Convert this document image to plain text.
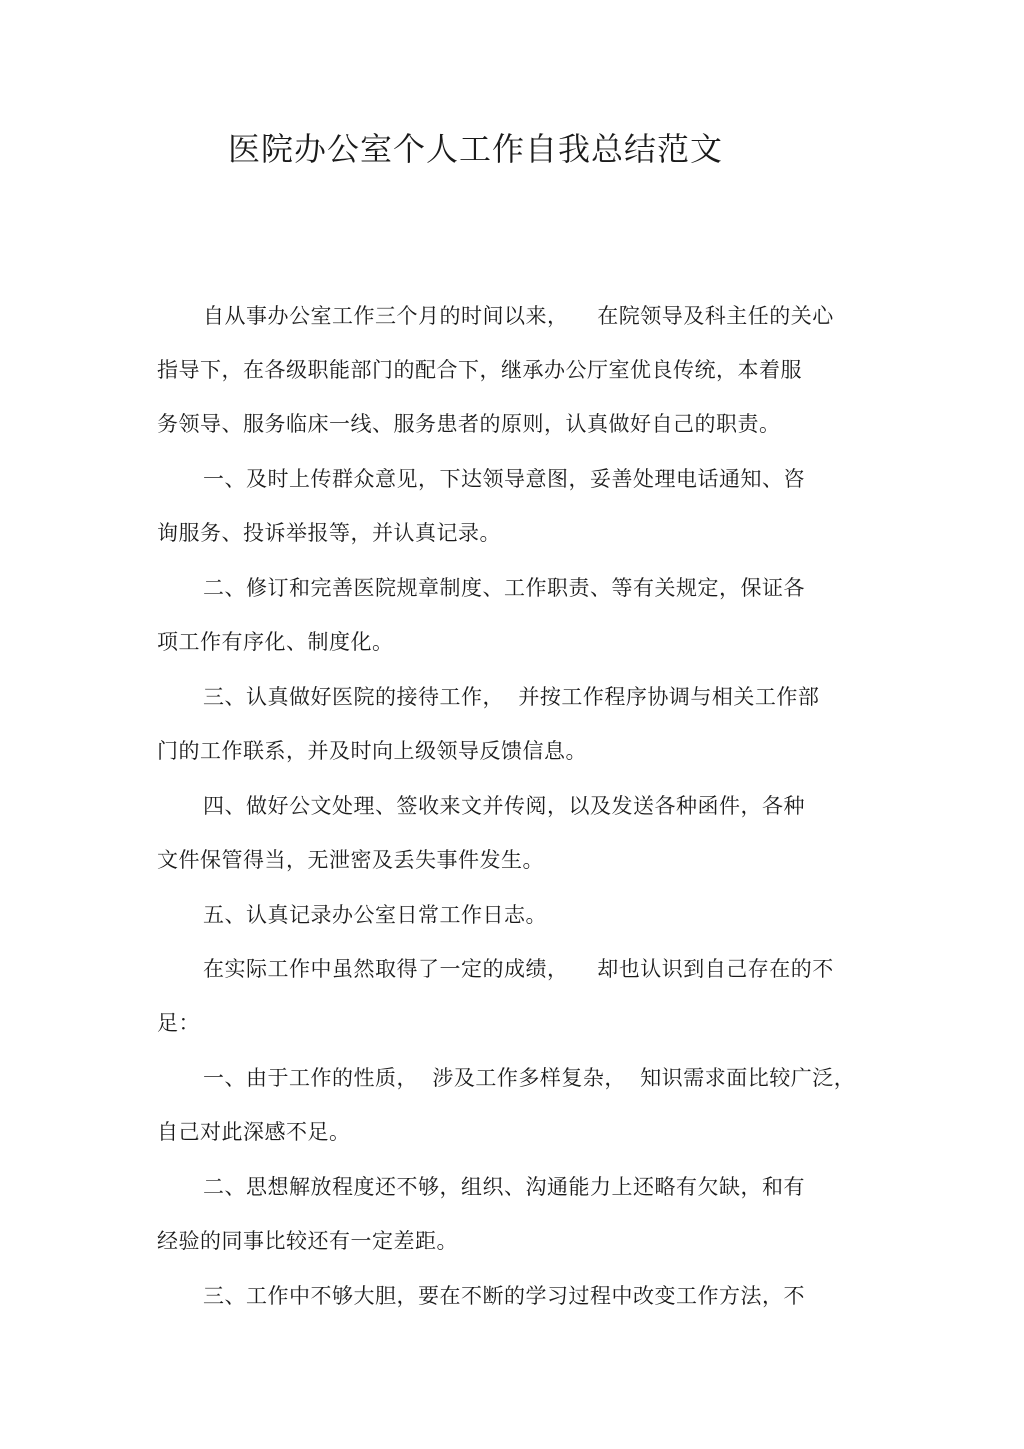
医院办公室个人工作自我总结范文
自从事办公室工作三个月的时间以来，    在院领导及科主任的关心
指导下，在各级职能部门的配合下，继承办公厅室优良传统，本着服
务领导、服务临床一线、服务患者的原则，认真做好自己的职责。
一、及时上传群众意见，下达领导意图，妥善处理电话通知、咨
询服务、投诉举报等，并认真记录。
二、修订和完善医院规章制度、工作职责、等有关规定，保证各
项工作有序化、制度化。
三、认真做好医院的接待工作，  并按工作程序协调与相关工作部
门的工作联系，并及时向上级领导反馈信息。
四、做好公文处理、签收来文并传阅，以及发送各种函件，各种
文件保管得当，无泄密及丢失事件发生。
五、认真记录办公室日常工作日志。
在实际工作中虽然取得了一定的成绩，    却也认识到自己存在的不
足：
一、由于工作的性质，  涉及工作多样复杂，  知识需求面比较广泛，
自己对此深感不足。
二、思想解放程度还不够，组织、沟通能力上还略有欠缺，和有
经验的同事比较还有一定差距。
三、工作中不够大胆，要在不断的学习过程中改变工作方法，不
